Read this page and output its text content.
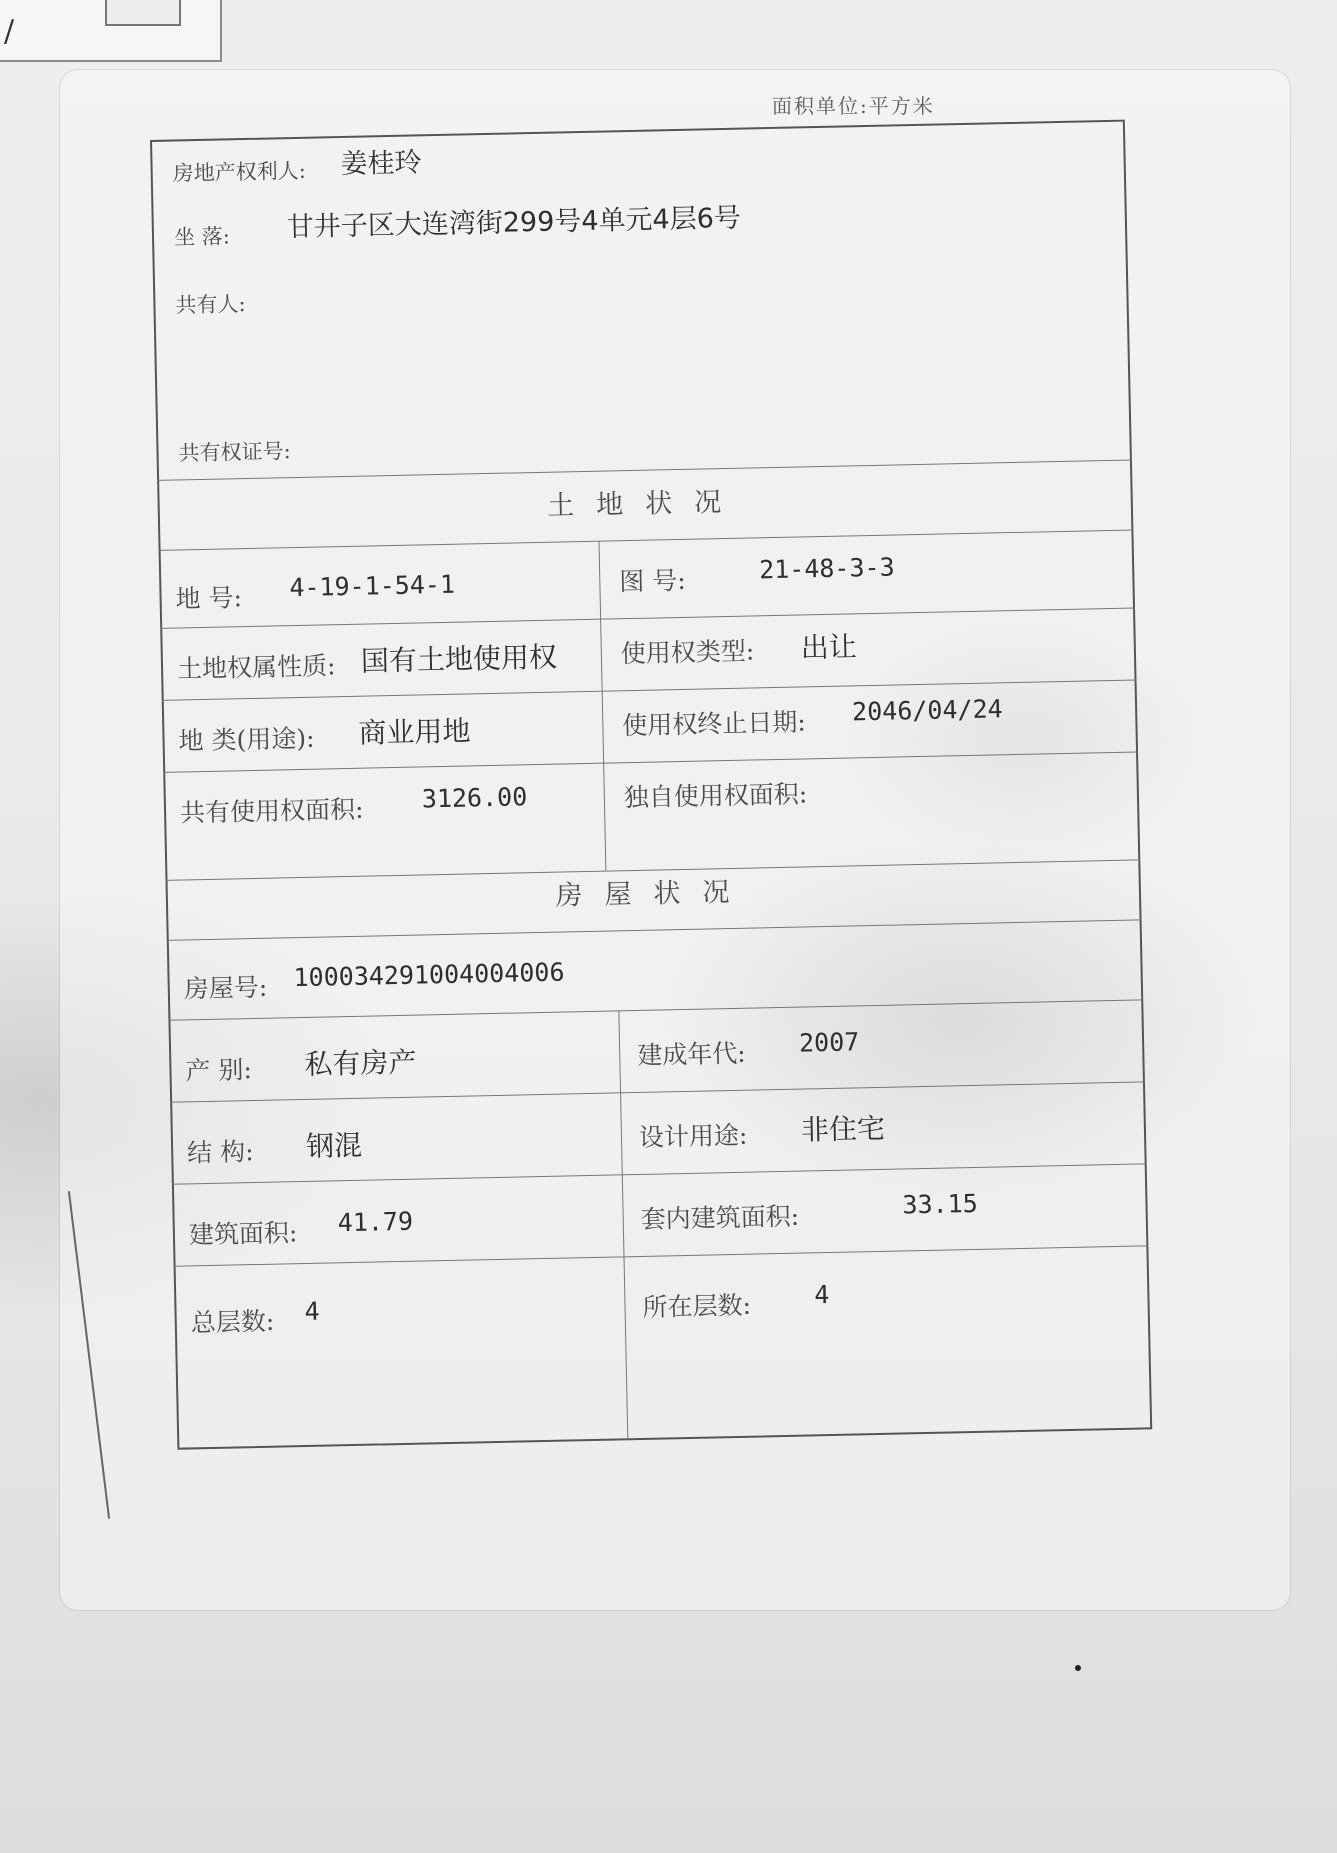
/
面积单位:平方米
房地产权利人: 姜桂玲
坐 落: 甘井子区大连湾街299号4单元4层6号
共有人:
共有权证号:
土地状况
地 号: 4-19-1-54-1	图 号:	21-48-3-3
土地权属性质: 国有土地使用权	使用权类型: 出让
地 类(用途): 商业用地	使用权终止日期: 2046/04/24
共有使用权面积: 3126.00	独自使用权面积:
房屋状况
房屋号: 100034291004004006
产 别: 私有房产	建成年代: 2007
结 构: 钢混	设计用途: 非住宅
建筑面积: 41.79	套内建筑面积:	33.15
总层数: 4	所在层数:	4
